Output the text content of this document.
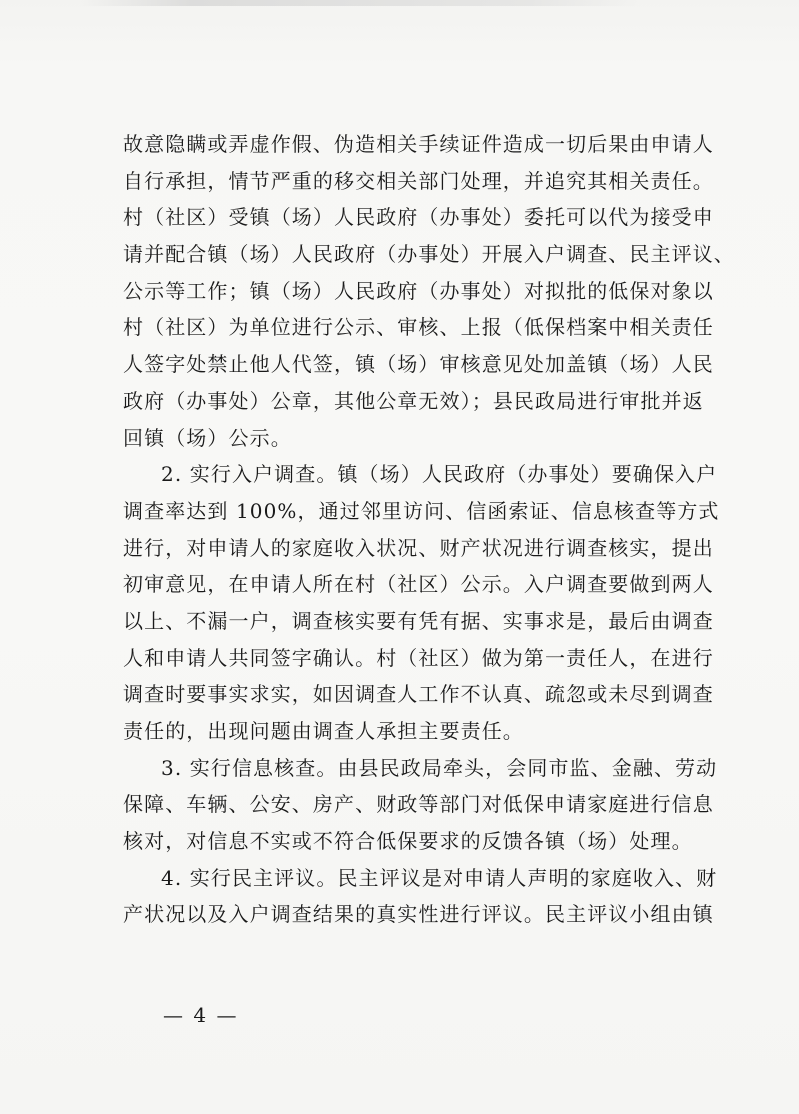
故意隐瞒或弄虚作假、伪造相关手续证件造成一切后果由申请人
自行承担，情节严重的移交相关部门处理，并追究其相关责任。
村（社区）受镇（场）人民政府（办事处）委托可以代为接受申
请并配合镇（场）人民政府（办事处）开展入户调查、民主评议、
公示等工作；镇（场）人民政府（办事处）对拟批的低保对象以
村（社区）为单位进行公示、审核、上报（低保档案中相关责任
人签字处禁止他人代签，镇（场）审核意见处加盖镇（场）人民
政府（办事处）公章，其他公章无效）；县民政局进行审批并返
回镇（场）公示。
2. 实行入户调查。镇（场）人民政府（办事处）要确保入户
调查率达到 100%，通过邻里访问、信函索证、信息核查等方式
进行，对申请人的家庭收入状况、财产状况进行调查核实，提出
初审意见，在申请人所在村（社区）公示。入户调查要做到两人
以上、不漏一户，调查核实要有凭有据、实事求是，最后由调查
人和申请人共同签字确认。村（社区）做为第一责任人，在进行
调查时要事实求实，如因调查人工作不认真、疏忽或未尽到调查
责任的，出现问题由调查人承担主要责任。
3. 实行信息核查。由县民政局牵头，会同市监、金融、劳动
保障、车辆、公安、房产、财政等部门对低保申请家庭进行信息
核对，对信息不实或不符合低保要求的反馈各镇（场）处理。
4. 实行民主评议。民主评议是对申请人声明的家庭收入、财
产状况以及入户调查结果的真实性进行评议。民主评议小组由镇
— 4 —
